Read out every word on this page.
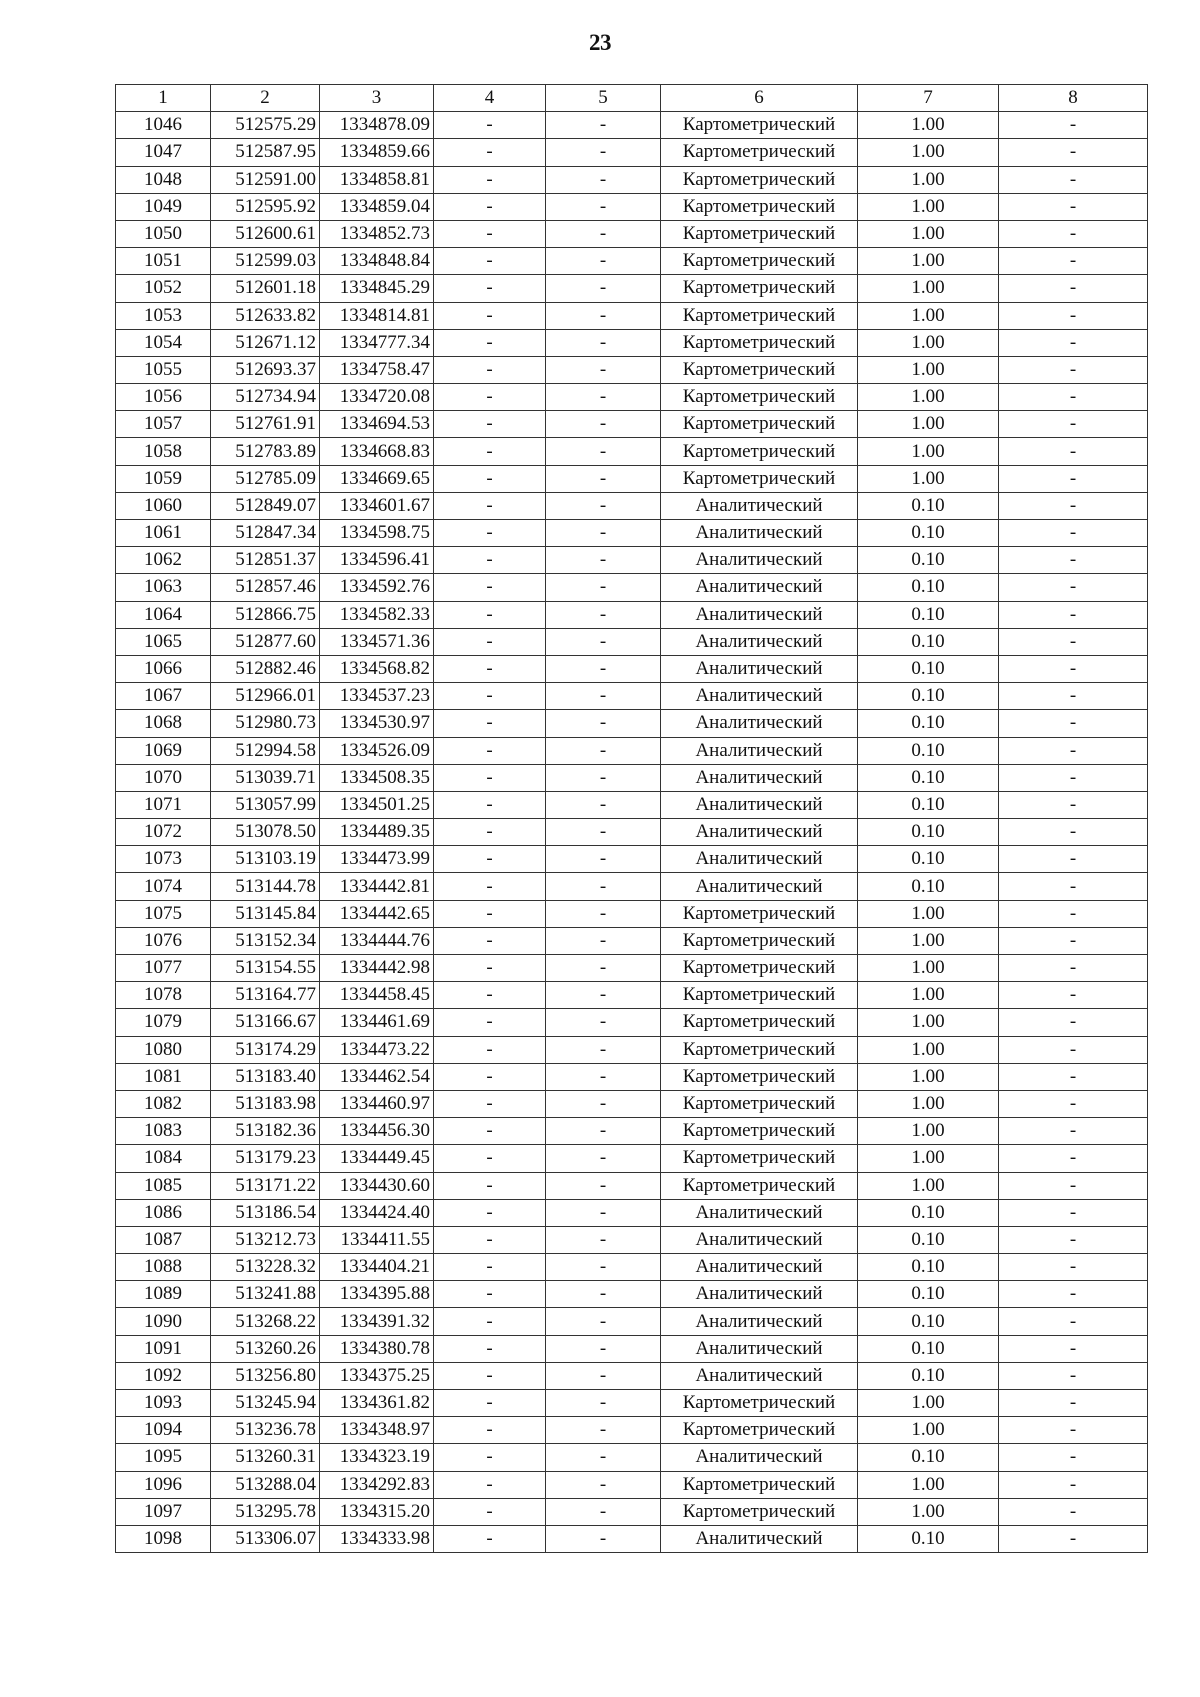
23
1	2	3	4	5	6	7	8
1046	512575.29	1334878.09	-	-	Картометрический	1.00	-
1047	512587.95	1334859.66	-	-	Картометрический	1.00	-
1048	512591.00	1334858.81	-	-	Картометрический	1.00	-
1049	512595.92	1334859.04	-	-	Картометрический	1.00	-
1050	512600.61	1334852.73	-	-	Картометрический	1.00	-
1051	512599.03	1334848.84	-	-	Картометрический	1.00	-
1052	512601.18	1334845.29	-	-	Картометрический	1.00	-
1053	512633.82	1334814.81	-	-	Картометрический	1.00	-
1054	512671.12	1334777.34	-	-	Картометрический	1.00	-
1055	512693.37	1334758.47	-	-	Картометрический	1.00	-
1056	512734.94	1334720.08	-	-	Картометрический	1.00	-
1057	512761.91	1334694.53	-	-	Картометрический	1.00	-
1058	512783.89	1334668.83	-	-	Картометрический	1.00	-
1059	512785.09	1334669.65	-	-	Картометрический	1.00	-
1060	512849.07	1334601.67	-	-	Аналитический	0.10	-
1061	512847.34	1334598.75	-	-	Аналитический	0.10	-
1062	512851.37	1334596.41	-	-	Аналитический	0.10	-
1063	512857.46	1334592.76	-	-	Аналитический	0.10	-
1064	512866.75	1334582.33	-	-	Аналитический	0.10	-
1065	512877.60	1334571.36	-	-	Аналитический	0.10	-
1066	512882.46	1334568.82	-	-	Аналитический	0.10	-
1067	512966.01	1334537.23	-	-	Аналитический	0.10	-
1068	512980.73	1334530.97	-	-	Аналитический	0.10	-
1069	512994.58	1334526.09	-	-	Аналитический	0.10	-
1070	513039.71	1334508.35	-	-	Аналитический	0.10	-
1071	513057.99	1334501.25	-	-	Аналитический	0.10	-
1072	513078.50	1334489.35	-	-	Аналитический	0.10	-
1073	513103.19	1334473.99	-	-	Аналитический	0.10	-
1074	513144.78	1334442.81	-	-	Аналитический	0.10	-
1075	513145.84	1334442.65	-	-	Картометрический	1.00	-
1076	513152.34	1334444.76	-	-	Картометрический	1.00	-
1077	513154.55	1334442.98	-	-	Картометрический	1.00	-
1078	513164.77	1334458.45	-	-	Картометрический	1.00	-
1079	513166.67	1334461.69	-	-	Картометрический	1.00	-
1080	513174.29	1334473.22	-	-	Картометрический	1.00	-
1081	513183.40	1334462.54	-	-	Картометрический	1.00	-
1082	513183.98	1334460.97	-	-	Картометрический	1.00	-
1083	513182.36	1334456.30	-	-	Картометрический	1.00	-
1084	513179.23	1334449.45	-	-	Картометрический	1.00	-
1085	513171.22	1334430.60	-	-	Картометрический	1.00	-
1086	513186.54	1334424.40	-	-	Аналитический	0.10	-
1087	513212.73	1334411.55	-	-	Аналитический	0.10	-
1088	513228.32	1334404.21	-	-	Аналитический	0.10	-
1089	513241.88	1334395.88	-	-	Аналитический	0.10	-
1090	513268.22	1334391.32	-	-	Аналитический	0.10	-
1091	513260.26	1334380.78	-	-	Аналитический	0.10	-
1092	513256.80	1334375.25	-	-	Аналитический	0.10	-
1093	513245.94	1334361.82	-	-	Картометрический	1.00	-
1094	513236.78	1334348.97	-	-	Картометрический	1.00	-
1095	513260.31	1334323.19	-	-	Аналитический	0.10	-
1096	513288.04	1334292.83	-	-	Картометрический	1.00	-
1097	513295.78	1334315.20	-	-	Картометрический	1.00	-
1098	513306.07	1334333.98	-	-	Аналитический	0.10	-
